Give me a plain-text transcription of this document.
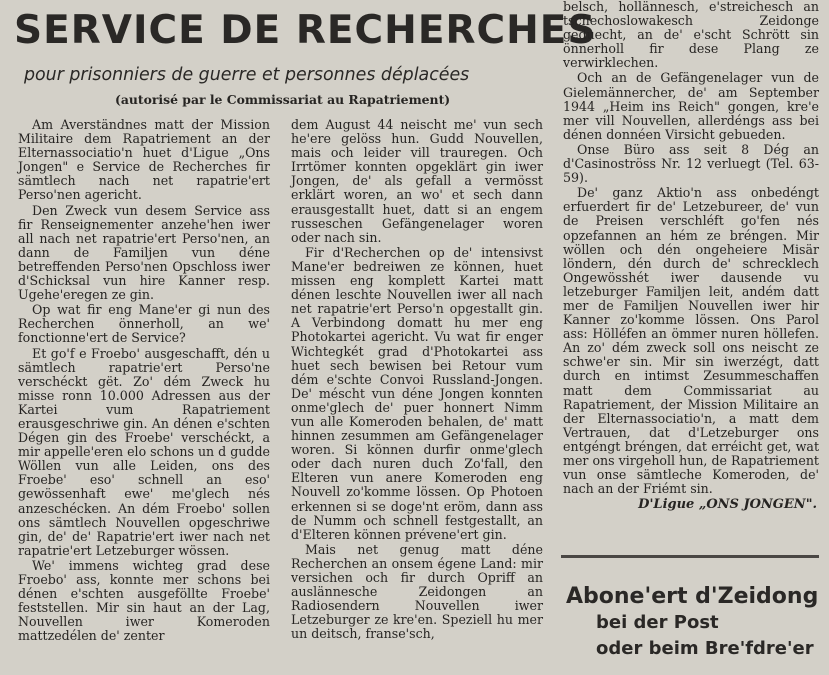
SERVICE DE RECHERCHES
pour prisonniers de guerre et personnes déplacées
(autorisé par le Commissariat au Rapatriement)

Am Averständnes matt der Mission Militaire dem Rapatriement an der Elternassociatio'n huet d'Ligue „Ons Jongen" e Service de Recherches fir sämtlech nach net rapatrie'ert Perso'nen agericht.

Den Zweck vun desem Service ass fir Renseignementer anzehe'hen iwer all nach net rapatrie'ert Perso'nen, an dann de Familjen vun déne betreffenden Perso'nen Opschloss iwer d'Schicksal vun hire Kanner resp. Ugehe'eregen ze gin.

Op wat fir eng Mane'er gi nun des Recherchen önnerholl, an we' fonctionne'ert de Service?

Et go'f e Froebo' ausgeschafft, dén u sämtlech rapatrie'ert Perso'ne verschéckt gët. Zo' dém Zweck hu misse ronn 10.000 Adressen aus der Kartei vum Rapatriement erausgeschriwe gin. An dénen e'schten Dégen gin des Froebe' verschéckt, a mir appelle'eren elo schons un d gudde Wöllen vun alle Leiden, ons des Froebe' eso' schnell an eso' gewössenhaft ewe' me'glech nés anzeschécken. An dém Froebo' sollen ons sämtlech Nouvellen opgeschriwe gin, de' de' Rapatrie'ert iwer nach net rapatrie'ert Letzeburger wössen.

We' immens wichteg grad dese Froebo' ass, konnte mer schons bei dénen e'schten ausgeföllte Froebe' feststellen. Mir sin haut an der Lag, Nouvellen iwer Komeroden mattzedélen de' zenter

dem August 44 neischt me' vun sech he'ere gelöss hun. Gudd Nouvellen, mais och leider vill trauregen. Och Irrtömer konnten opgeklärt gin iwer Jongen, de' als gefall a vermösst erklärt woren, an wo' et sech dann erausgestallt huet, datt si an engem russeschen Gefängenelager woren oder nach sin.

Fir d'Recherchen op de' intensivst Mane'er bedreiwen ze können, huet missen eng komplett Kartei matt dénen leschte Nouvellen iwer all nach net rapatrie'ert Perso'n opgestallt gin. A Verbindong domatt hu mer eng Photokartei agericht. Vu wat fir enger Wichtegkét grad d'Photokartei ass huet sech bewisen bei Retour vum dém e'schte Convoi Russland-Jongen. De' méscht vun déne Jongen konnten onme'glech de' puer honnert Nimm vun alle Komeroden behalen, de' matt hinnen zesummen am Gefängenelager woren. Si können durfir onme'glech oder dach nuren duch Zo'fall, den Elteren vun anere Komeroden eng Nouvell zo'komme lössen. Op Photoen erkennen si se doge'nt eröm, dann ass de Numm och schnell festgestallt, an d'Elteren können prévene'ert gin.

Mais net genug matt déne Recherchen an onsem égene Land: mir versichen och fir durch Opriff an auslännesche Zeidongen an Radiosendern Nouvellen iwer Letzeburger ze kre'en. Speziell hu mer un deitsch, franse'sch,

belsch, hollännesch, e'streichesch an tschechoslowakesch Zeidonge geduecht, an de' e'scht Schrött sin önnerholl fir dese Plang ze verwirklechen.

Och an de Gefängenelager vun de Gielemännercher, de' am September 1944 „Heim ins Reich" gongen, kre'e mer vill Nouvellen, allerdéngs ass bei dénen donnéen Virsicht gebueden.

Onse Büro ass seit 8 Dég an d'Casinoströss Nr. 12 verluegt (Tel. 63-59).

De' ganz Aktio'n ass onbedéngt erfuerdert fir de' Letzebureer, de' vun de Preisen verschléft go'fen nés opzefannen an hém ze bréngen. Mir wöllen och dén ongeheiere Misär löndern, dén durch de' schrecklech Ongewösshét iwer dausende vu letzeburger Familjen leit, andém datt mer de Familjen Nouvellen iwer hir Kanner zo'komme lössen. Ons Parol ass: Hölléfen an ömmer nuren höllefen. An zo' dém zweck soll ons neischt ze schwe'er sin. Mir sin iwerzégt, datt durch en intimst Zesummeschaffen matt dem Commissariat au Rapatriement, der Mission Militaire an der Elternassociatio'n, a matt dem Vertrauen, dat d'Letzeburger ons entgéngt bréngen, dat erréicht get, wat mer ons virgeholl hun, de Rapatriement vun onse sämtleche Komeroden, de' nach an der Friémt sin.

D'Ligue „ONS JONGEN".
Abone'ert d'Zeidong
bei der Post
oder beim Bre'fdre'er
